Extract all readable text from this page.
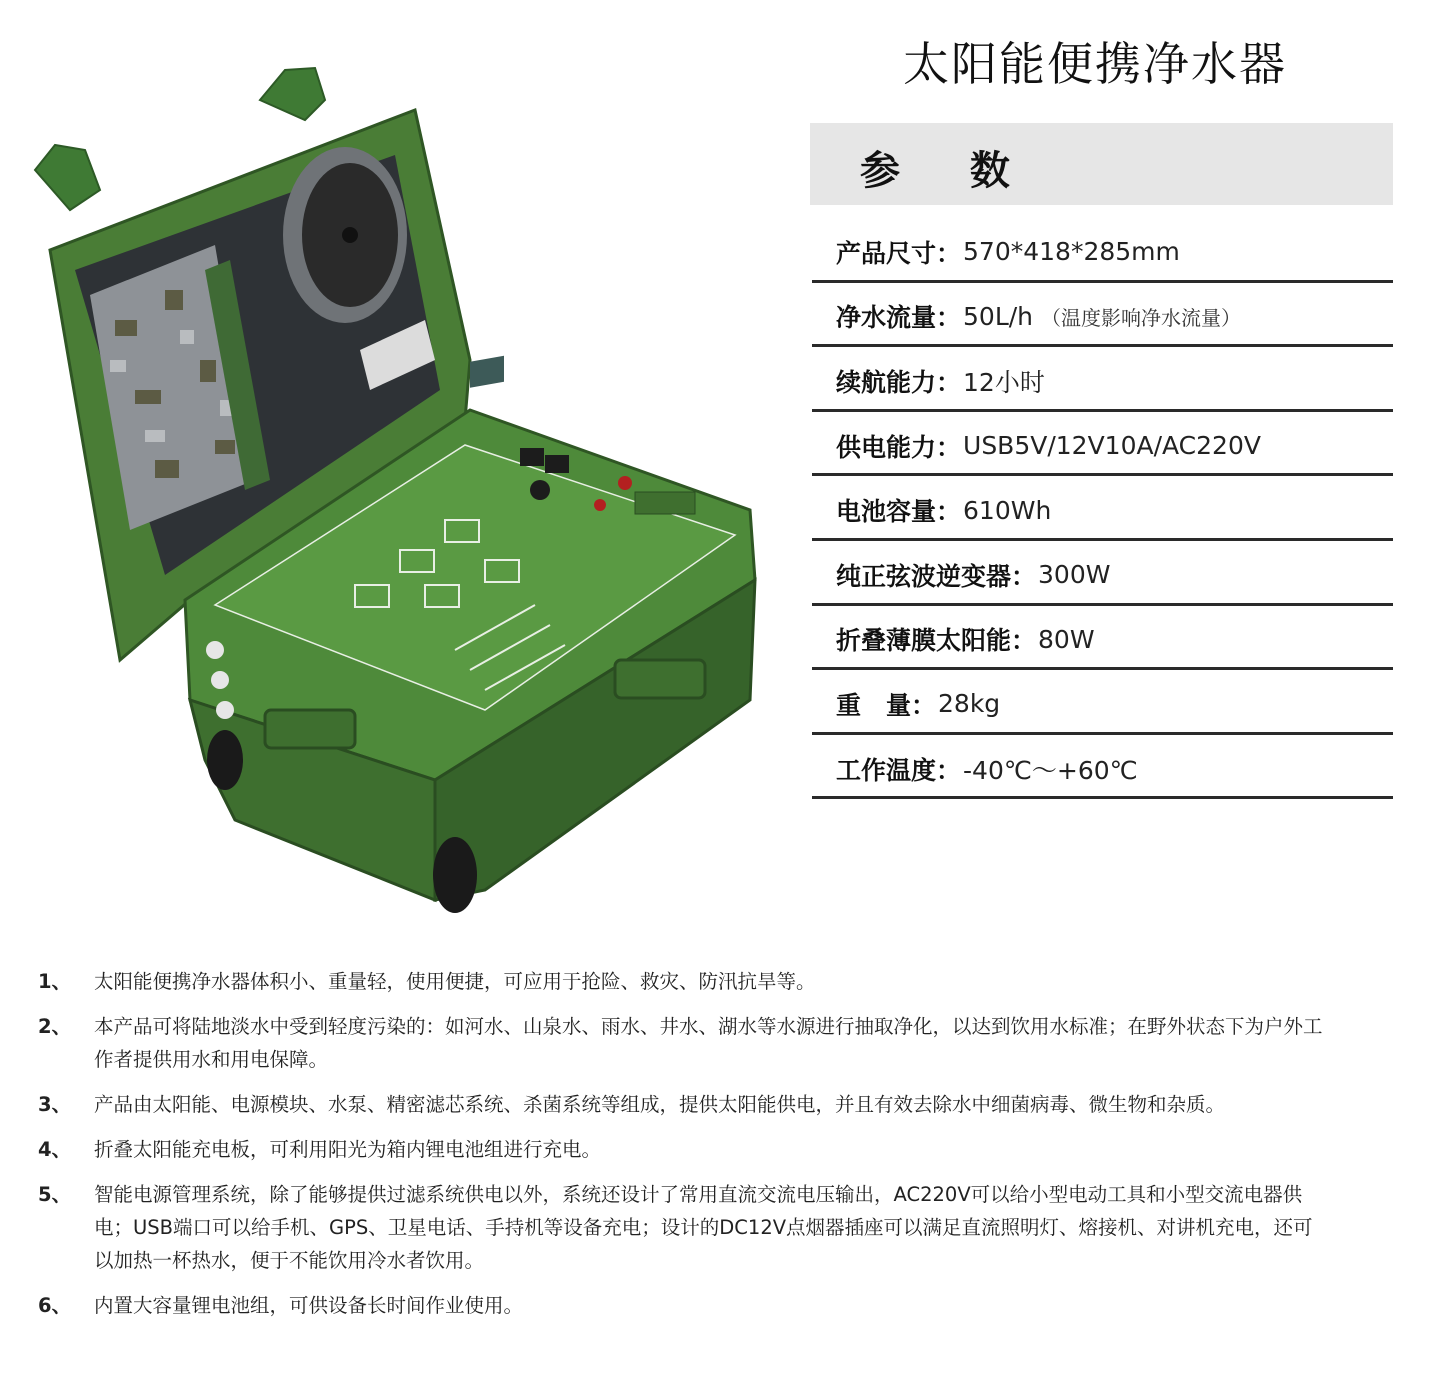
太阳能便携净水器
参 数
产品尺寸： 570*418*285mm
净水流量： 50L/h （温度影响净水流量）
续航能力： 12小时
供电能力： USB5V/12V10A/AC220V
电池容量： 610Wh
纯正弦波逆变器： 300W
折叠薄膜太阳能： 80W
重　量： 28kg
工作温度： -40℃～+60℃
1、	太阳能便携净水器体积小、重量轻，使用便捷，可应用于抢险、救灾、防汛抗旱等。
2、	本产品可将陆地淡水中受到轻度污染的：如河水、山泉水、雨水、井水、湖水等水源进行抽取净化，以达到饮用水标准；在野外状态下为户外工作者提供用水和用电保障。
3、	产品由太阳能、电源模块、水泵、精密滤芯系统、杀菌系统等组成，提供太阳能供电，并且有效去除水中细菌病毒、微生物和杂质。
4、	折叠太阳能充电板，可利用阳光为箱内锂电池组进行充电。
5、	智能电源管理系统，除了能够提供过滤系统供电以外，系统还设计了常用直流交流电压输出，AC220V可以给小型电动工具和小型交流电器供电；USB端口可以给手机、GPS、卫星电话、手持机等设备充电；设计的DC12V点烟器插座可以满足直流照明灯、熔接机、对讲机充电，还可以加热一杯热水，便于不能饮用冷水者饮用。
6、	内置大容量锂电池组，可供设备长时间作业使用。
